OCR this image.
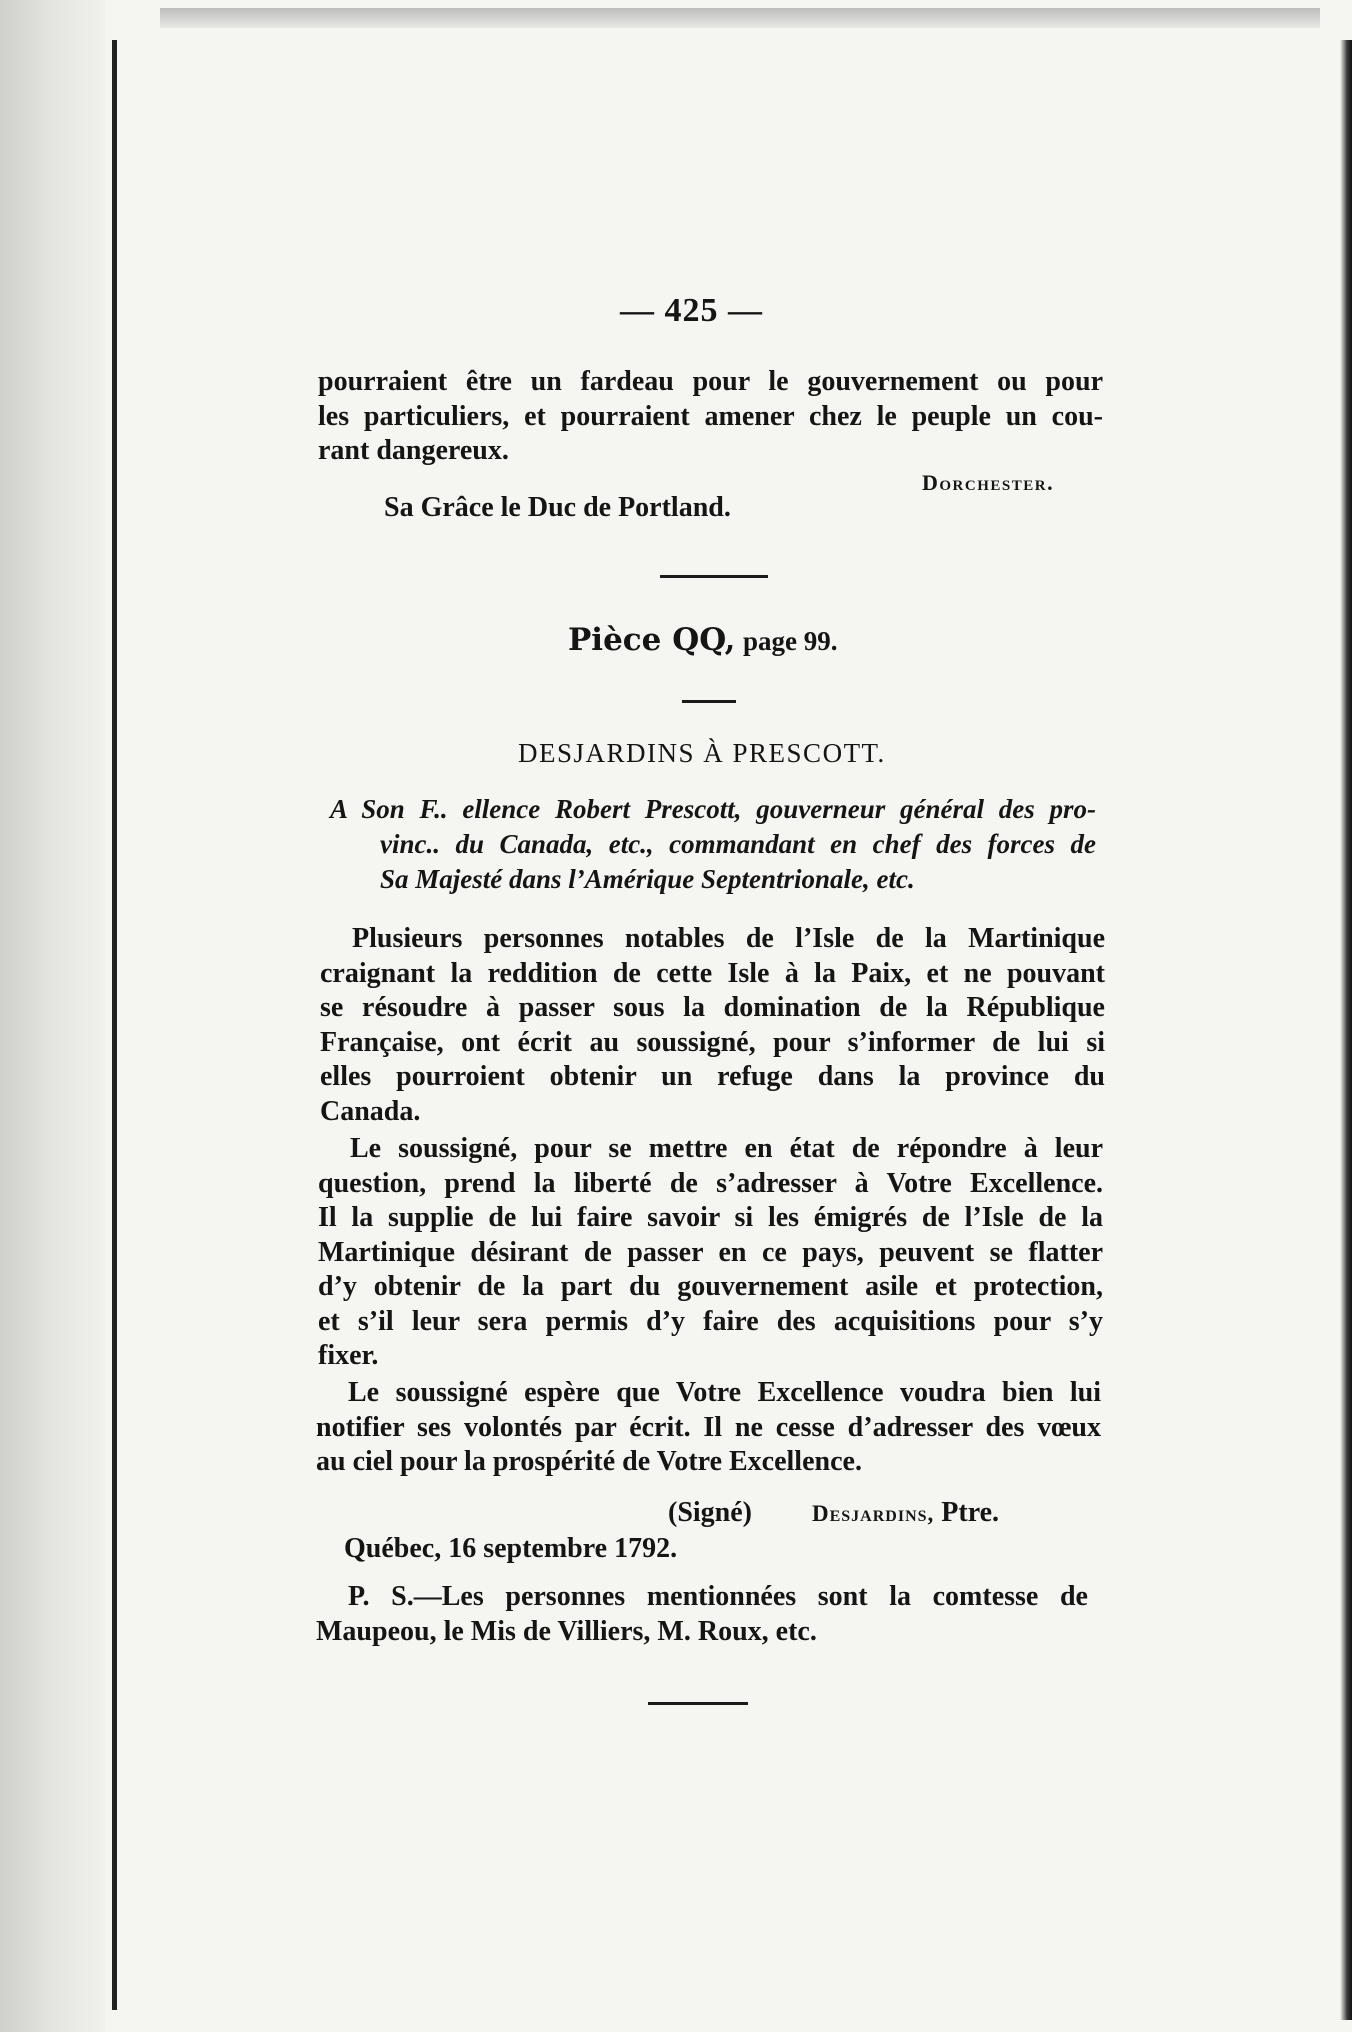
— 425 —
pourraient être un fardeau pour le gouvernement ou pour
les particuliers, et pourraient amener chez le peuple un cou-
rant dangereux.
Dorchester.
Sa Grâce le Duc de Portland.
Pièce QQ, page 99.
DESJARDINS À PRESCOTT.
A Son F.. ellence Robert Prescott, gouverneur général des pro-
vinc.. du Canada, etc., commandant en chef des forces de
Sa Majesté dans l’Amérique Septentrionale, etc.
Plusieurs personnes notables de l’Isle de la Martinique
craignant la reddition de cette Isle à la Paix, et ne pouvant
se résoudre à passer sous la domination de la République
Française, ont écrit au soussigné, pour s’informer de lui si
elles pourroient obtenir un refuge dans la province du
Canada.
Le soussigné, pour se mettre en état de répondre à leur
question, prend la liberté de s’adresser à Votre Excellence.
Il la supplie de lui faire savoir si les émigrés de l’Isle de la
Martinique désirant de passer en ce pays, peuvent se flatter
d’y obtenir de la part du gouvernement asile et protection,
et s’il leur sera permis d’y faire des acquisitions pour s’y
fixer.
Le soussigné espère que Votre Excellence voudra bien lui
notifier ses volontés par écrit. Il ne cesse d’adresser des vœux
au ciel pour la prospérité de Votre Excellence.
(Signé)	Desjardins, Ptre.
Québec, 16 septembre 1792.
P. S.—Les personnes mentionnées sont la comtesse de
Maupeou, le Mis de Villiers, M. Roux, etc.
